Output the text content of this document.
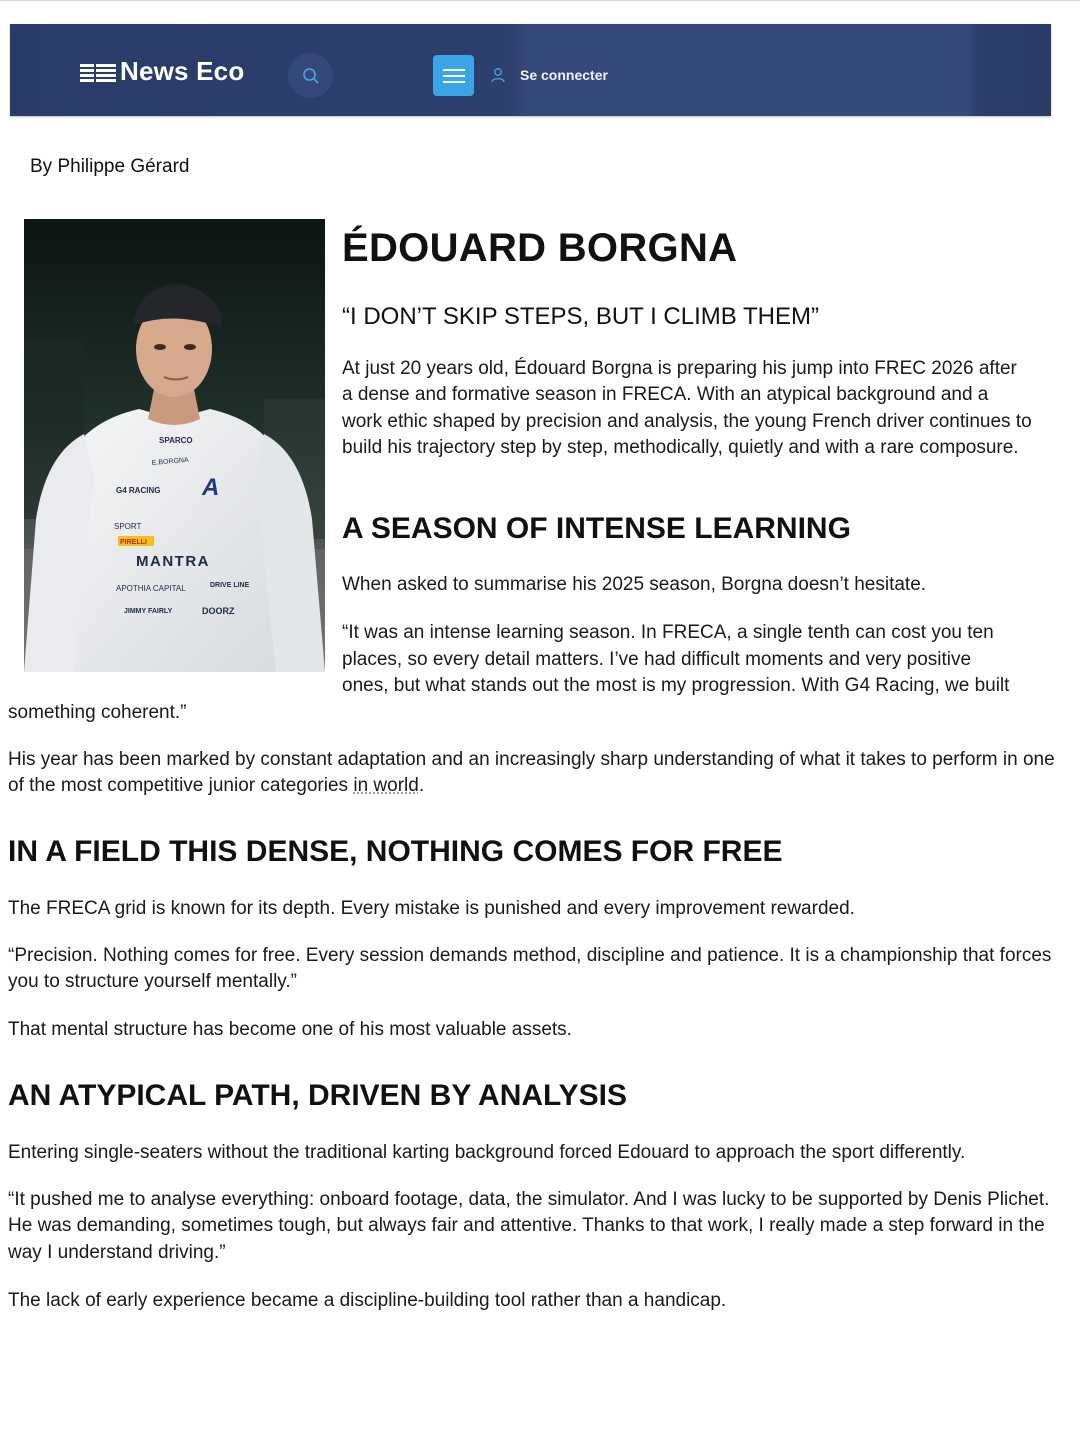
News Eco	Se connecter
By Philippe Gérard
SPARCO
E.BORGNA
G4 RACING A
SPORT
PIRELLI
MANTRA
APOTHIA CAPITAL	DRIVE LINE
JIMMY FAIRLY	DOORZ
ÉDOUARD BORGNA
“I DON’T SKIP STEPS, BUT I CLIMB THEM”

At just 20 years old, Édouard Borgna is preparing his jump into FREC 2026 after a dense and formative season in FRECA. With an atypical background and a work ethic shaped by precision and analysis, the young French driver continues to build his trajectory step by step, methodically, quietly and with a rare composure.

A SEASON OF INTENSE LEARNING

When asked to summarise his 2025 season, Borgna doesn’t hesitate.

“It was an intense learning season. In FRECA, a single tenth can cost you ten

places, so every detail matters. I’ve had difficult moments and very positive

ones, but what stands out the most is my progression. With G4 Racing, we built

something coherent.”

His year has been marked by constant adaptation and an increasingly sharp understanding of what it takes to perform in one of the most competitive junior categories in world.

IN A FIELD THIS DENSE, NOTHING COMES FOR FREE

The FRECA grid is known for its depth. Every mistake is punished and every improvement rewarded.

“Precision. Nothing comes for free. Every session demands method, discipline and patience. It is a championship that forces you to structure yourself mentally.”

That mental structure has become one of his most valuable assets.

AN ATYPICAL PATH, DRIVEN BY ANALYSIS

Entering single-seaters without the traditional karting background forced Edouard to approach the sport differently.

“It pushed me to analyse everything: onboard footage, data, the simulator. And I was lucky to be supported by Denis Plichet. He was demanding, sometimes tough, but always fair and attentive. Thanks to that work, I really made a step forward in the way I understand driving.”

The lack of early experience became a discipline-building tool rather than a handicap.
